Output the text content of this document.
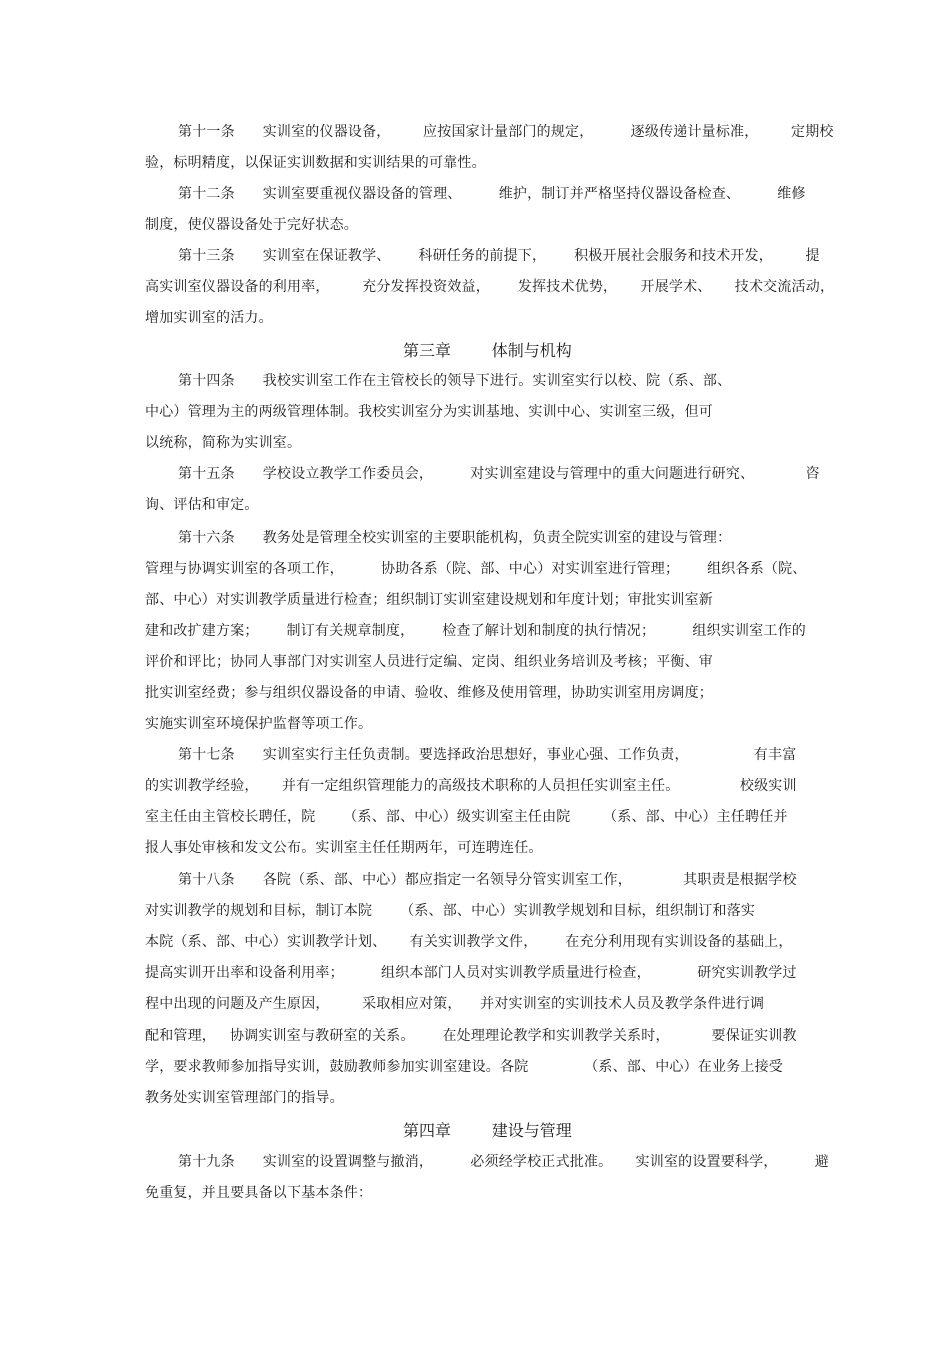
第十一条      实训室的仪器设备，       应按国家计量部门的规定，        逐级传递计量标准，       定期校
验，标明精度，以保证实训数据和实训结果的可靠性。
第十二条      实训室要重视仪器设备的管理、        维护，制订并严格坚持仪器设备检查、        维修
制度，使仪器设备处于完好状态。
第十三条      实训室在保证教学、      科研任务的前提下，      积极开展社会服务和技术开发，       提
高实训室仪器设备的利用率，       充分发挥投资效益，      发挥技术优势，     开展学术、     技术交流活动，
增加实训室的活力。
第三章        体制与机构
第十四条      我校实训室工作在主管校长的领导下进行。实训室实行以校、院（系、部、
中心）管理为主的两级管理体制。我校实训室分为实训基地、实训中心、实训室三级，但可
以统称，简称为实训室。
第十五条      学校设立教学工作委员会，        对实训室建设与管理中的重大问题进行研究、           咨
询、评估和审定。
第十六条      教务处是管理全校实训室的主要职能机构，负责全院实训室的建设与管理：
管理与协调实训室的各项工作，        协助各系（院、部、中心）对实训室进行管理；      组织各系（院、
部、中心）对实训教学质量进行检查；组织制订实训室建设规划和年度计划；审批实训室新
建和改扩建方案；      制订有关规章制度，      检查了解计划和制度的执行情况；        组织实训室工作的
评价和评比；协同人事部门对实训室人员进行定编、定岗、组织业务培训及考核；平衡、审
批实训室经费；参与组织仪器设备的申请、验收、维修及使用管理，协助实训室用房调度；
实施实训室环境保护监督等项工作。
第十七条      实训室实行主任负责制。要选择政治思想好，事业心强、工作负责，              有丰富
的实训教学经验，     并有一定组织管理能力的高级技术职称的人员担任实训室主任。             校级实训
室主任由主管校长聘任，院      （系、部、中心）级实训室主任由院       （系、部、中心）主任聘任并
报人事处审核和发文公布。实训室主任任期两年，可连聘连任。
第十八条      各院（系、部、中心）都应指定一名领导分管实训室工作，           其职责是根据学校
对实训教学的规划和目标，制订本院      （系、部、中心）实训教学规划和目标，组织制订和落实
本院（系、部、中心）实训教学计划、     有关实训教学文件，      在充分利用现有实训设备的基础上，
提高实训开出率和设备利用率；        组织本部门人员对实训教学质量进行检查，          研究实训教学过
程中出现的问题及产生原因，       采取相应对策，    并对实训室的实训技术人员及教学条件进行调
配和管理，   协调实训室与教研室的关系。      在处理理论教学和实训教学关系时，         要保证实训教
学，要求教师参加指导实训，鼓励教师参加实训室建设。各院            （系、部、中心）在业务上接受
教务处实训室管理部门的指导。
第四章        建设与管理
第十九条      实训室的设置调整与撤消，        必须经学校正式批准。     实训室的设置要科学，        避
免重复，并且要具备以下基本条件：
